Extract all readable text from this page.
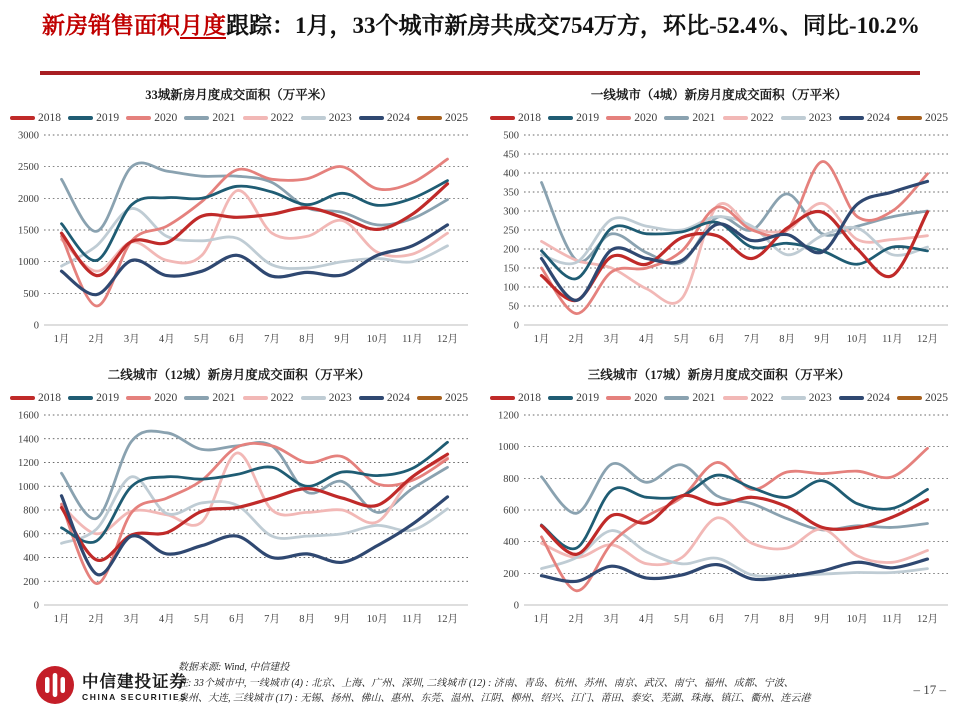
新房销售面积月度跟踪：1月，33个城市新房共成交754万方，环比-52.4%、同比-10.2%
33城新房月度成交面积（万平米）
2018	2019	2020	2021	2022	2023	2024	2025
0
500
1000
1500
2000
2500
3000
1月 2月 3月 4月 5月 6月 7月 8月 9月 10月 11月 12月
一线城市（4城）新房月度成交面积（万平米）
2018	2019	2020	2021	2022	2023	2024	2025
0
50
100
150
200
250
300
350
400
450
500
1月 2月 3月 4月 5月 6月 7月 8月 9月 10月 11月 12月
二线城市（12城）新房月度成交面积（万平米）
2018	2019	2020	2021	2022	2023	2024	2025
0
200
400
600
800
1000
1200
1400
1600
1月 2月 3月 4月 5月 6月 7月 8月 9月 10月 11月 12月
三线城市（17城）新房月度成交面积（万平米）
2018	2019	2020	2021	2022	2023	2024	2025
0
200
400
600
800
1000
1200
1月 2月 3月 4月 5月 6月 7月 8月 9月 10月 11月 12月
中信建投证券
CHINA SECURITIES
数据来源: Wind, 中信建投
注: 33个城市中, 一线城市 (4) : 北京、上海、广州、深圳, 二线城市 (12) : 济南、青岛、杭州、苏州、南京、武汉、南宁、福州、成都、宁波、
泉州、大连, 三线城市 (17) : 无锡、扬州、佛山、惠州、东莞、温州、江阴、柳州、绍兴、江门、莆田、泰安、芜湖、珠海、镇江、衢州、连云港
– 17 –
